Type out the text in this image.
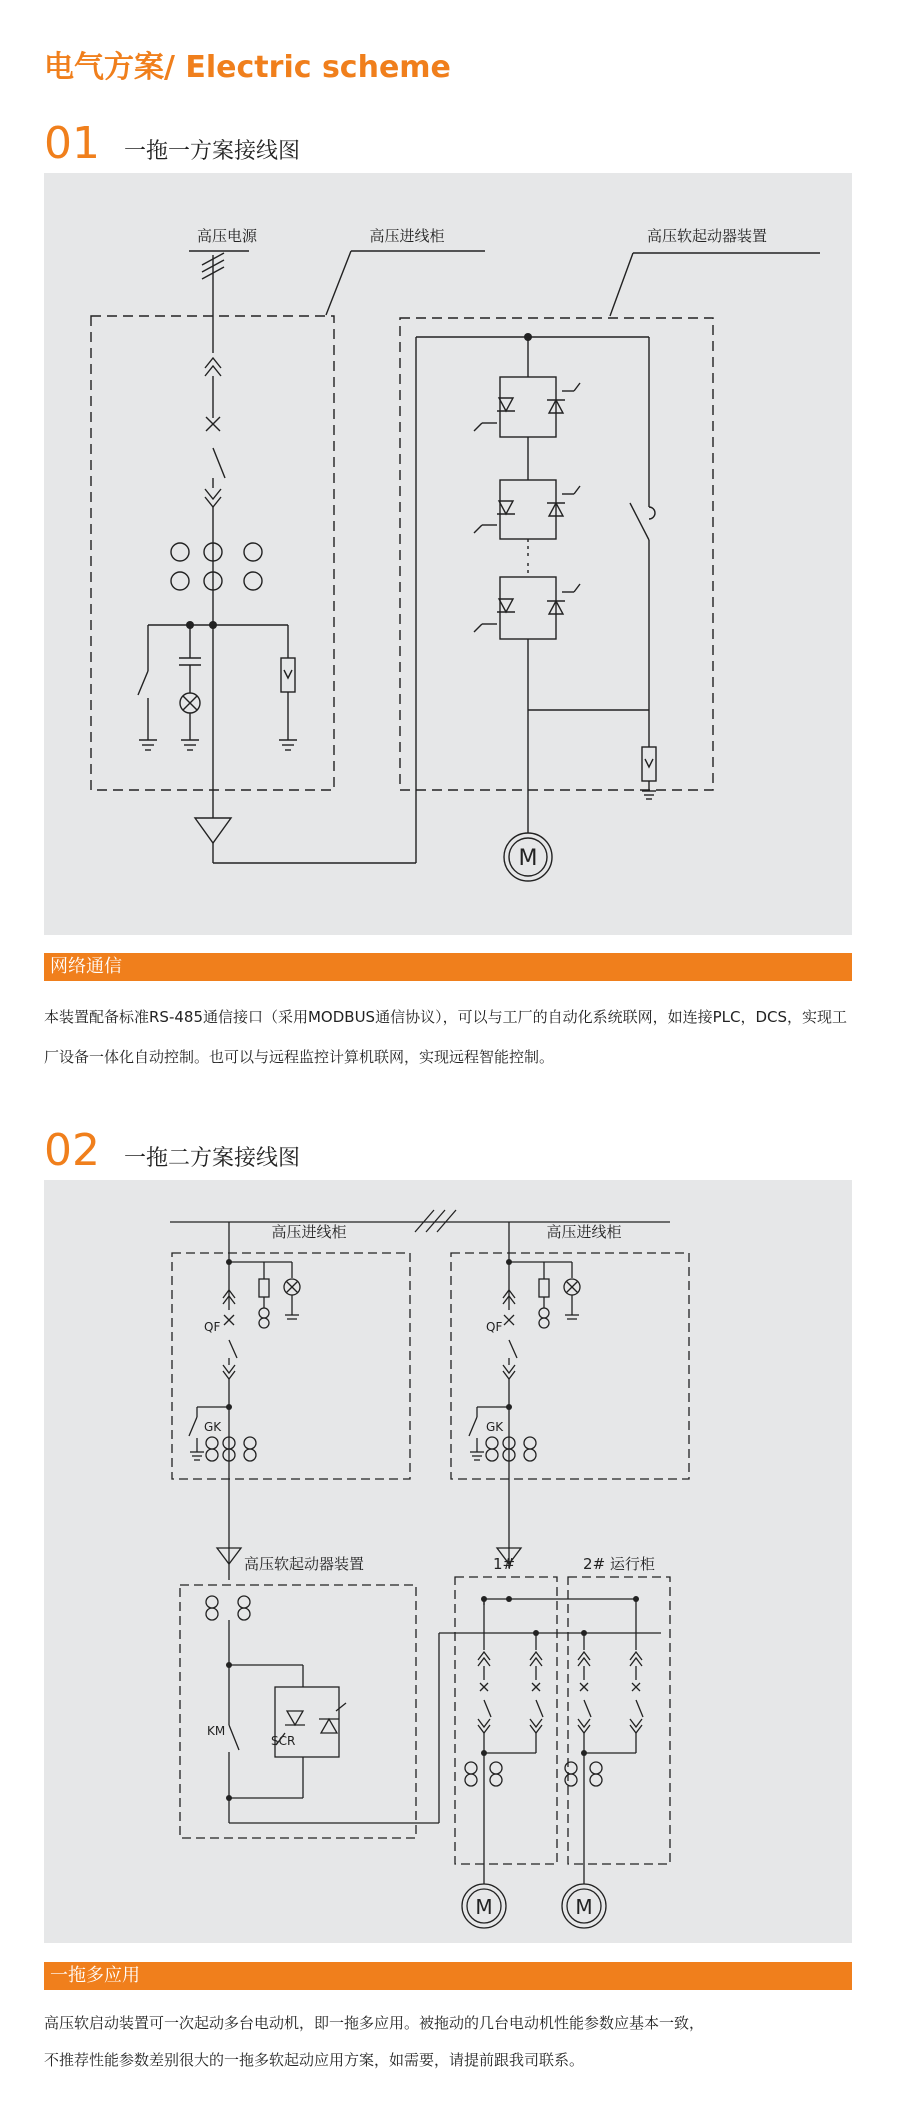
电气方案/ Electric scheme
01 一拖一方案接线图
高压电源	高压进线柜	高压软起动器装置
M
网络通信
本装置配备标准RS-485通信接口（采用MODBUS通信协议），可以与工厂的自动化系统联网，如连接PLC，DCS，实现工厂设备一体化自动控制。也可以与远程监控计算机联网，实现远程智能控制。
02 一拖二方案接线图
高压进线柜	高压进线柜
QF	QF
GK	GK
高压软起动器装置
KM
SCR
1#	2# 运行柜
M	M
一拖多应用
高压软启动装置可一次起动多台电动机，即一拖多应用。被拖动的几台电动机性能参数应基本一致，
不推荐性能参数差别很大的一拖多软起动应用方案，如需要，请提前跟我司联系。
